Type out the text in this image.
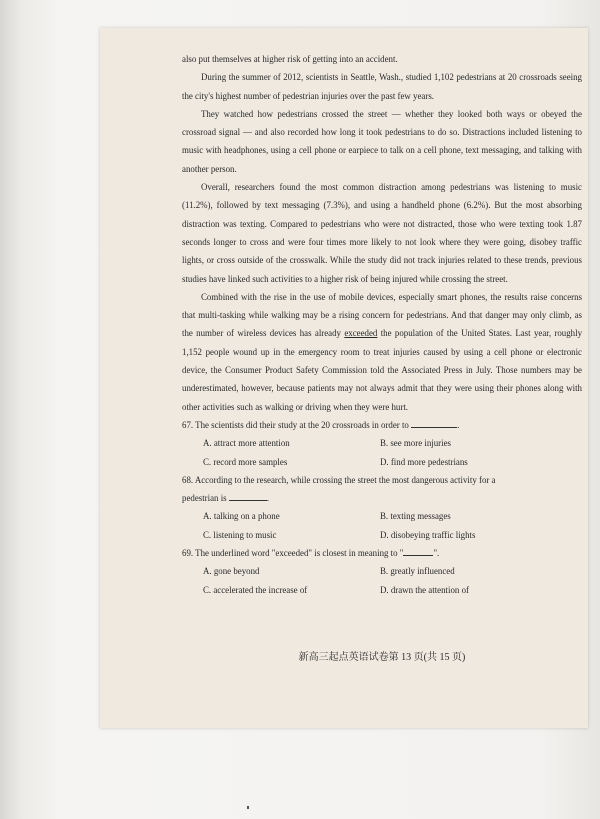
also put themselves at higher risk of getting into an accident.

During the summer of 2012, scientists in Seattle, Wash., studied 1,102 pedestrians at 20 crossroads seeing the city's highest number of pedestrian injuries over the past few years.

They watched how pedestrians crossed the street — whether they looked both ways or obeyed the crossroad signal — and also recorded how long it took pedestrians to do so. Distractions included listening to music with headphones, using a cell phone or earpiece to talk on a cell phone, text messaging, and talking with another person.

Overall, researchers found the most common distraction among pedestrians was listening to music (11.2%), followed by text messaging (7.3%), and using a handheld phone (6.2%). But the most absorbing distraction was texting. Compared to pedestrians who were not distracted, those who were texting took 1.87 seconds longer to cross and were four times more likely to not look where they were going, disobey traffic lights, or cross outside of the crosswalk. While the study did not track injuries related to these trends, previous studies have linked such activities to a higher risk of being injured while crossing the street.

Combined with the rise in the use of mobile devices, especially smart phones, the results raise concerns that multi-tasking while walking may be a rising concern for pedestrians. And that danger may only climb, as the number of wireless devices has already exceeded the population of the United States. Last year, roughly 1,152 people wound up in the emergency room to treat injuries caused by using a cell phone or electronic device, the Consumer Product Safety Commission told the Associated Press in July. Those numbers may be underestimated, however, because patients may not always admit that they were using their phones along with other activities such as walking or driving when they were hurt.

67. The scientists did their study at the 20 crossroads in order to	.

A. attract more attention	B. see more injuries
C. record more samples	D. find more pedestrians

68. According to the research, while crossing the street the most dangerous activity for a

pedestrian is	.

A. talking on a phone	B. texting messages
C. listening to music	D. disobeying traffic lights

69. The underlined word "exceeded" is closest in meaning to "	".

A. gone beyond	B. greatly influenced
C. accelerated the increase of	D. drawn the attention of
新高三起点英语试卷第 13 页(共 15 页)
